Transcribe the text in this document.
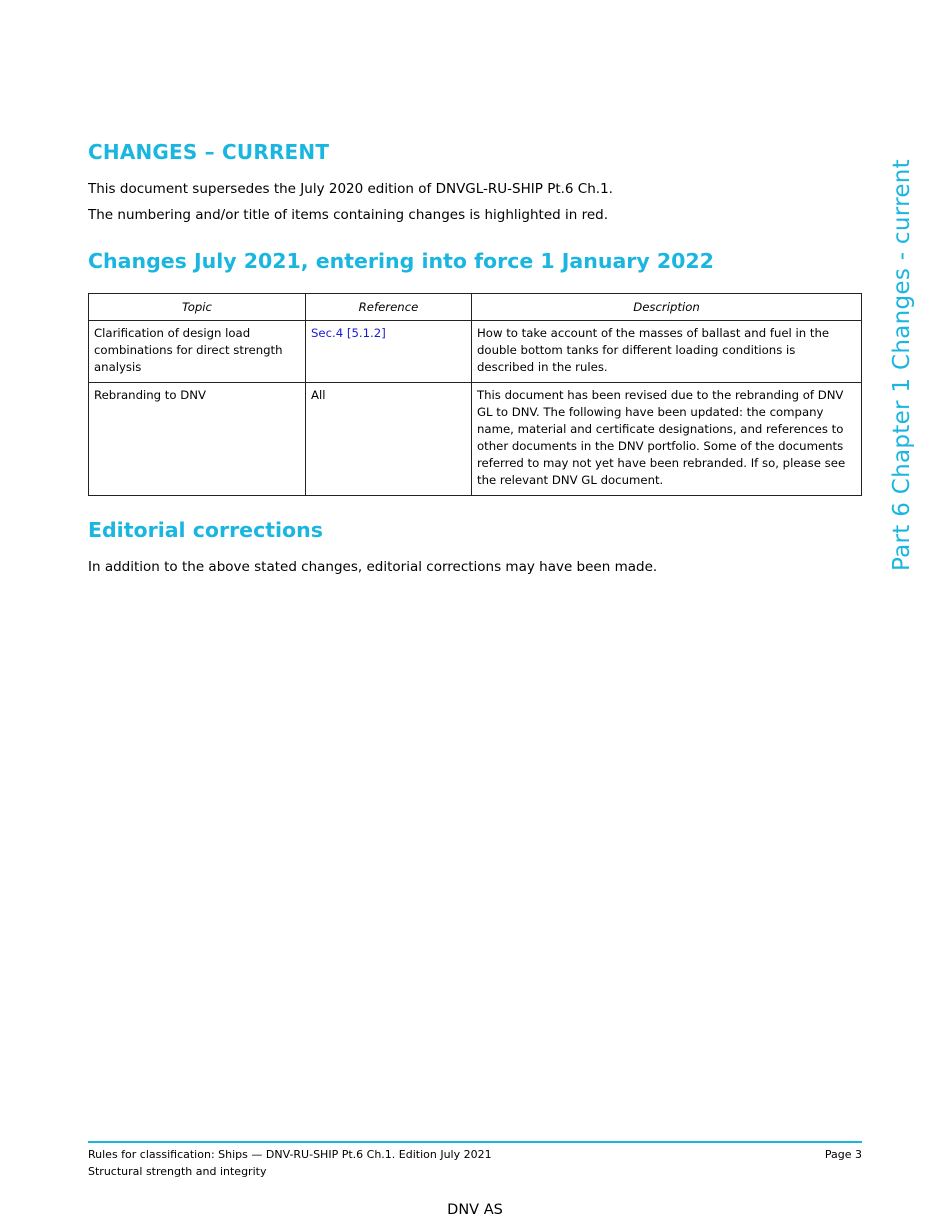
CHANGES – CURRENT

This document supersedes the July 2020 edition of DNVGL-RU-SHIP Pt.6 Ch.1.

The numbering and/or title of items containing changes is highlighted in red.

Changes July 2021, entering into force 1 January 2022
Topic	Reference	Description
Clarification of design load combinations for direct strength analysis	Sec.4 [5.1.2]	How to take account of the masses of ballast and fuel in the double bottom tanks for different loading conditions is described in the rules.
Rebranding to DNV	All	This document has been revised due to the rebranding of DNV GL to DNV. The following have been updated: the company name, material and certificate designations, and references to other documents in the DNV portfolio. Some of the documents referred to may not yet have been rebranded. If so, please see the relevant DNV GL document.
Editorial corrections

In addition to the above stated changes, editorial corrections may have been made.	Part 6 Chapter 1 Changes - current
Rules for classification: Ships — DNV-RU-SHIP Pt.6 Ch.1. Edition July 2021
Structural strength and integrity
Page 3
DNV AS
